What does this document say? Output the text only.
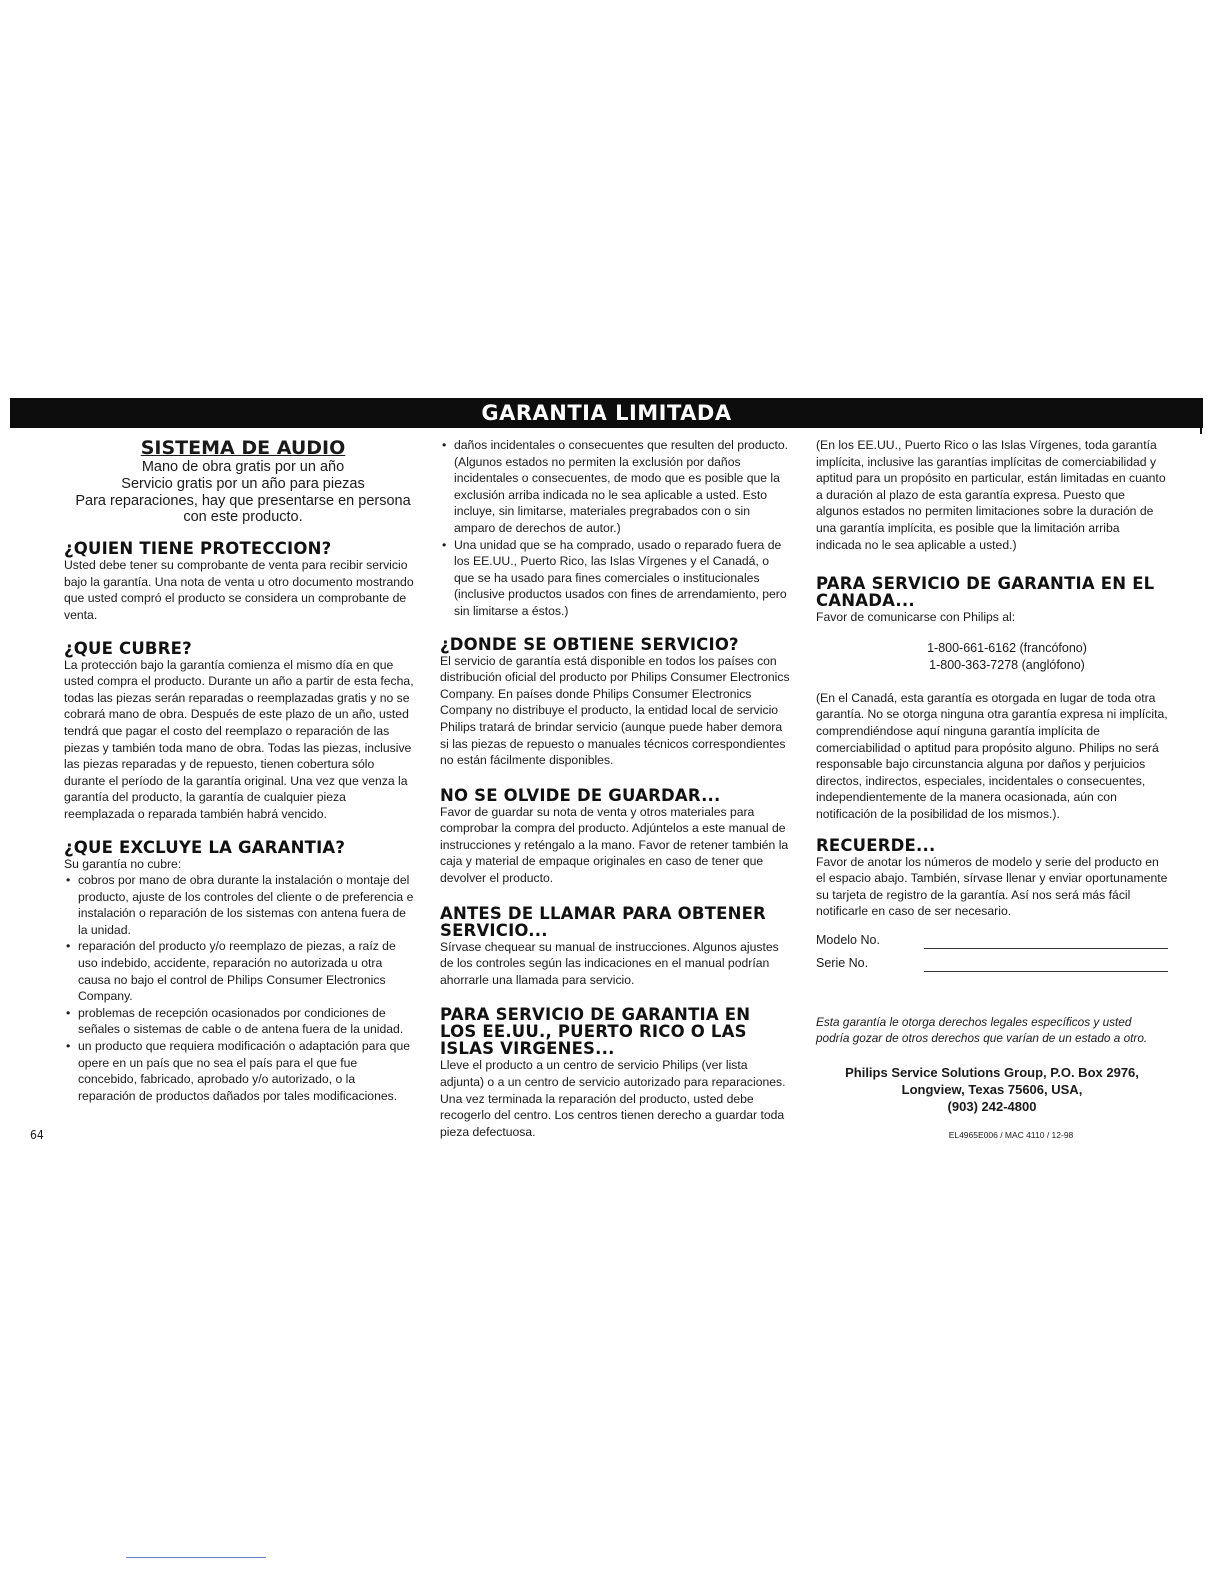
GARANTIA LIMITADA
SISTEMA DE AUDIO

Mano de obra gratis por un año

Servicio gratis por un año para piezas

Para reparaciones, hay que presentarse en persona

con este producto.

¿QUIEN TIENE PROTECCION?

Usted debe tener su comprobante de venta para recibir servicio bajo la garantía. Una nota de venta u otro documento mostrando que usted compró el producto se considera un comprobante de venta.

¿QUE CUBRE?

La protección bajo la garantía comienza el mismo día en que usted compra el producto. Durante un año a partir de esta fecha, todas las piezas serán reparadas o reemplazadas gratis y no se cobrará mano de obra. Después de este plazo de un año, usted tendrá que pagar el costo del reemplazo o reparación de las piezas y también toda mano de obra. Todas las piezas, inclusive las piezas reparadas y de repuesto, tienen cobertura sólo durante el período de la garantía original. Una vez que venza la garantía del producto, la garantía de cualquier pieza reemplazada o reparada también habrá vencido.

¿QUE EXCLUYE LA GARANTIA?

Su garantía no cubre:

• cobros por mano de obra durante la instalación o montaje del producto, ajuste de los controles del cliente o de preferencia e instalación o reparación de los sistemas con antena fuera de la unidad.
• reparación del producto y/o reemplazo de piezas, a raíz de uso indebido, accidente, reparación no autorizada u otra causa no bajo el control de Philips Consumer Electronics Company.
• problemas de recepción ocasionados por condiciones de señales o sistemas de cable o de antena fuera de la unidad.
• un producto que requiera modificación o adaptación para que opere en un país que no sea el país para el que fue concebido, fabricado, aprobado y/o autorizado, o la reparación de productos dañados por tales modificaciones.
64
• daños incidentales o consecuentes que resulten del producto. (Algunos estados no permiten la exclusión por daños incidentales o consecuentes, de modo que es posible que la exclusión arriba indicada no le sea aplicable a usted. Esto incluye, sin limitarse, materiales pregrabados con o sin amparo de derechos de autor.)
• Una unidad que se ha comprado, usado o reparado fuera de los EE.UU., Puerto Rico, las Islas Vírgenes y el Canadá, o que se ha usado para fines comerciales o institucionales (inclusive productos usados con fines de arrendamiento, pero sin limitarse a éstos.)
¿DONDE SE OBTIENE SERVICIO?

El servicio de garantía está disponible en todos los países con distribución oficial del producto por Philips Consumer Electronics Company. En países donde Philips Consumer Electronics Company no distribuye el producto, la entidad local de servicio Philips tratará de brindar servicio (aunque puede haber demora si las piezas de repuesto o manuales técnicos correspondientes no están fácilmente disponibles.

NO SE OLVIDE DE GUARDAR...

Favor de guardar su nota de venta y otros materiales para comprobar la compra del producto. Adjúntelos a este manual de instrucciones y reténgalo a la mano. Favor de retener también la caja y material de empaque originales en caso de tener que devolver el producto.

ANTES DE LLAMAR PARA OBTENER SERVICIO...

Sírvase chequear su manual de instrucciones. Algunos ajustes de los controles según las indicaciones en el manual podrían ahorrarle una llamada para servicio.

PARA SERVICIO DE GARANTIA EN LOS EE.UU., PUERTO RICO O LAS ISLAS VIRGENES...

Lleve el producto a un centro de servicio Philips (ver lista adjunta) o a un centro de servicio autorizado para reparaciones. Una vez terminada la reparación del producto, usted debe recogerlo del centro. Los centros tienen derecho a guardar toda pieza defectuosa.

(En los EE.UU., Puerto Rico o las Islas Vírgenes, toda garantía implícita, inclusive las garantías implícitas de comerciabilidad y aptitud para un propósito en particular, están limitadas en cuanto a duración al plazo de esta garantía expresa. Puesto que algunos estados no permiten limitaciones sobre la duración de una garantía implícita, es posible que la limitación arriba indicada no le sea aplicable a usted.)

PARA SERVICIO DE GARANTIA EN EL CANADA...

Favor de comunicarse con Philips al:

1-800-661-6162 (francófono)

1-800-363-7278 (anglófono)

(En el Canadá, esta garantía es otorgada en lugar de toda otra garantía. No se otorga ninguna otra garantía expresa ni implícita, comprendiéndose aquí ninguna garantía implícita de comerciabilidad o aptitud para propósito alguno. Philips no será responsable bajo circunstancia alguna por daños y perjuicios directos, indirectos, especiales, incidentales o consecuentes, independientemente de la manera ocasionada, aún con notificación de la posibilidad de los mismos.).

RECUERDE...

Favor de anotar los números de modelo y serie del producto en el espacio abajo. También, sírvase llenar y enviar oportunamente su tarjeta de registro de la garantía. Así nos será más fácil notificarle en caso de ser necesario.

Modelo No.
Serie No.

Esta garantía le otorga derechos legales específicos y usted podría gozar de otros derechos que varían de un estado a otro.

Philips Service Solutions Group, P.O. Box 2976,

Longview, Texas 75606, USA,

(903) 242-4800

EL4965E006 / MAC 4110 / 12-98
